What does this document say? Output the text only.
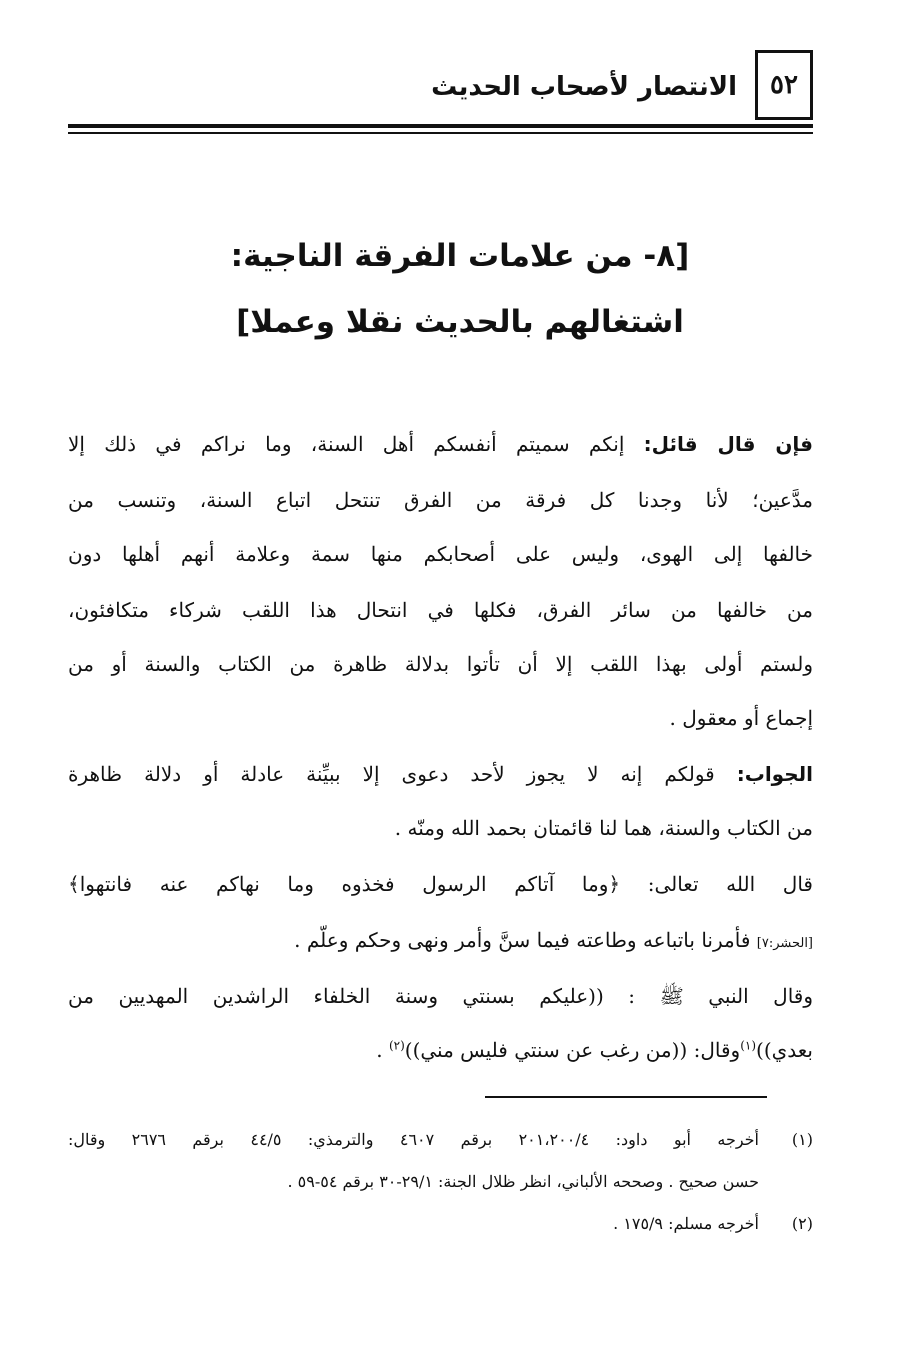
٥٢
الانتصار لأصحاب الحديث
[٨- من علامات الفرقة الناجية:
اشتغالهم بالحديث نقلا وعملا]
فإن قال قائل: إنكم سميتم أنفسكم أهل السنة، وما نراكم في ذلك إلا
مدَّعين؛ لأنا وجدنا كل فرقة من الفرق تنتحل اتباع السنة، وتنسب من
خالفها إلى الهوى، وليس على أصحابكم منها سمة وعلامة أنهم أهلها دون
من خالفها من سائر الفرق، فكلها في انتحال هذا اللقب شركاء متكافئون،
ولستم أولى بهذا اللقب إلا أن تأتوا بدلالة ظاهرة من الكتاب والسنة أو من
إجماع أو معقول .
الجواب: قولكم إنه لا يجوز لأحد دعوى إلا ببيِّنة عادلة أو دلالة ظاهرة
من الكتاب والسنة، هما لنا قائمتان بحمد الله ومنّه .
قال الله تعالى: ﴿وما آتاكم الرسول فخذوه وما نهاكم عنه فانتهوا﴾
[الحشر:٧] فأمرنا باتباعه وطاعته فيما سنَّ وأمر ونهى وحكم وعلّم .
وقال النبي ﷺ : ((عليكم بسنتي وسنة الخلفاء الراشدين المهديين من
بعدي))$^{(١)}$وقال: ((من رغب عن سنتي فليس مني))$^{(٢)}$ .
(١)
أخرجه أبو داود: ٢٠١،٢٠٠/٤ برقم ٤٦٠٧ والترمذي: ٤٤/٥ برقم ٢٦٧٦ وقال:
حسن صحيح . وصححه الألباني، انظر ظلال الجنة: ٢٩/١-٣٠ برقم ٥٤-٥٩ .
(٢)
أخرجه مسلم: ١٧٥/٩ .
